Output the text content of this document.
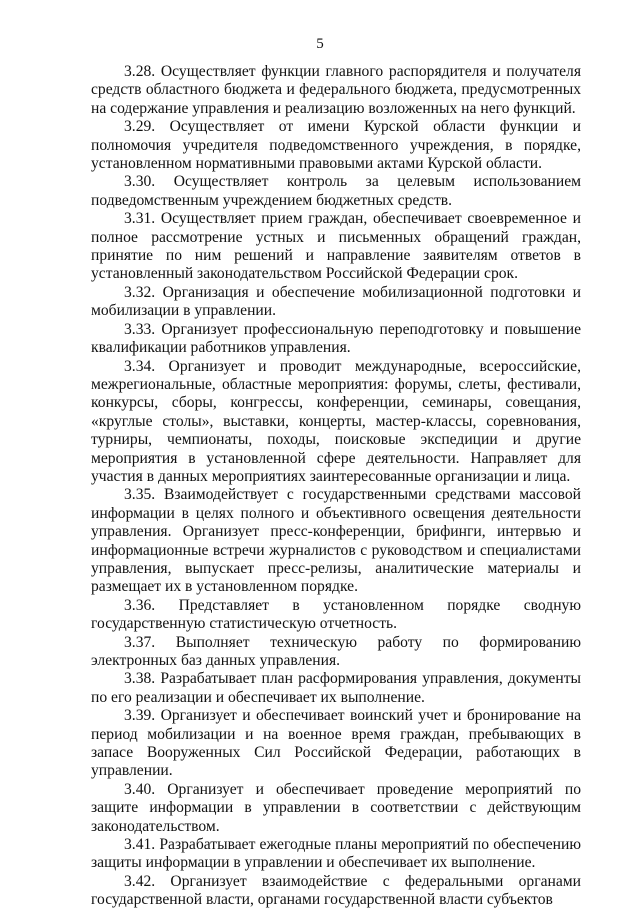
5

3.28. Осуществляет функции главного распорядителя и получателя средств областного бюджета и федерального бюджета, предусмотренных на содержание управления и реализацию возложенных на него функций.

3.29. Осуществляет от имени Курской области функции и полномочия учредителя подведомственного учреждения, в порядке, установленном нормативными правовыми актами Курской области.

3.30. Осуществляет контроль за целевым использованием подведомственным учреждением бюджетных средств.

3.31. Осуществляет прием граждан, обеспечивает своевременное и полное рассмотрение устных и письменных обращений граждан, принятие по ним решений и направление заявителям ответов в установленный законодательством Российской Федерации срок.

3.32. Организация и обеспечение мобилизационной подготовки и мобилизации в управлении.

3.33. Организует профессиональную переподготовку и повышение квалификации работников управления.

3.34. Организует и проводит международные, всероссийские, межрегиональные, областные мероприятия: форумы, слеты, фестивали, конкурсы, сборы, конгрессы, конференции, семинары, совещания, «круглые столы», выставки, концерты, мастер-классы, соревнования, турниры, чемпионаты, походы, поисковые экспедиции и другие мероприятия в установленной сфере деятельности. Направляет для участия в данных мероприятиях заинтересованные организации и лица.

3.35. Взаимодействует с государственными средствами массовой информации в целях полного и объективного освещения деятельности управления. Организует пресс-конференции, брифинги, интервью и информационные встречи журналистов с руководством и специалистами управления, выпускает пресс-релизы, аналитические материалы и размещает их в установленном порядке.

3.36. Представляет в установленном порядке сводную государственную статистическую отчетность.

3.37. Выполняет техническую работу по формированию электронных баз данных управления.

3.38. Разрабатывает план расформирования управления, документы по его реализации и обеспечивает их выполнение.

3.39. Организует и обеспечивает воинский учет и бронирование на период мобилизации и на военное время граждан, пребывающих в запасе Вооруженных Сил Российской Федерации, работающих в управлении.

3.40. Организует и обеспечивает проведение мероприятий по защите информации в управлении в соответствии с действующим законодательством.

3.41. Разрабатывает ежегодные планы мероприятий по обеспечению защиты информации в управлении и обеспечивает их выполнение.

3.42. Организует взаимодействие с федеральными органами государственной власти, органами государственной власти субъектов
